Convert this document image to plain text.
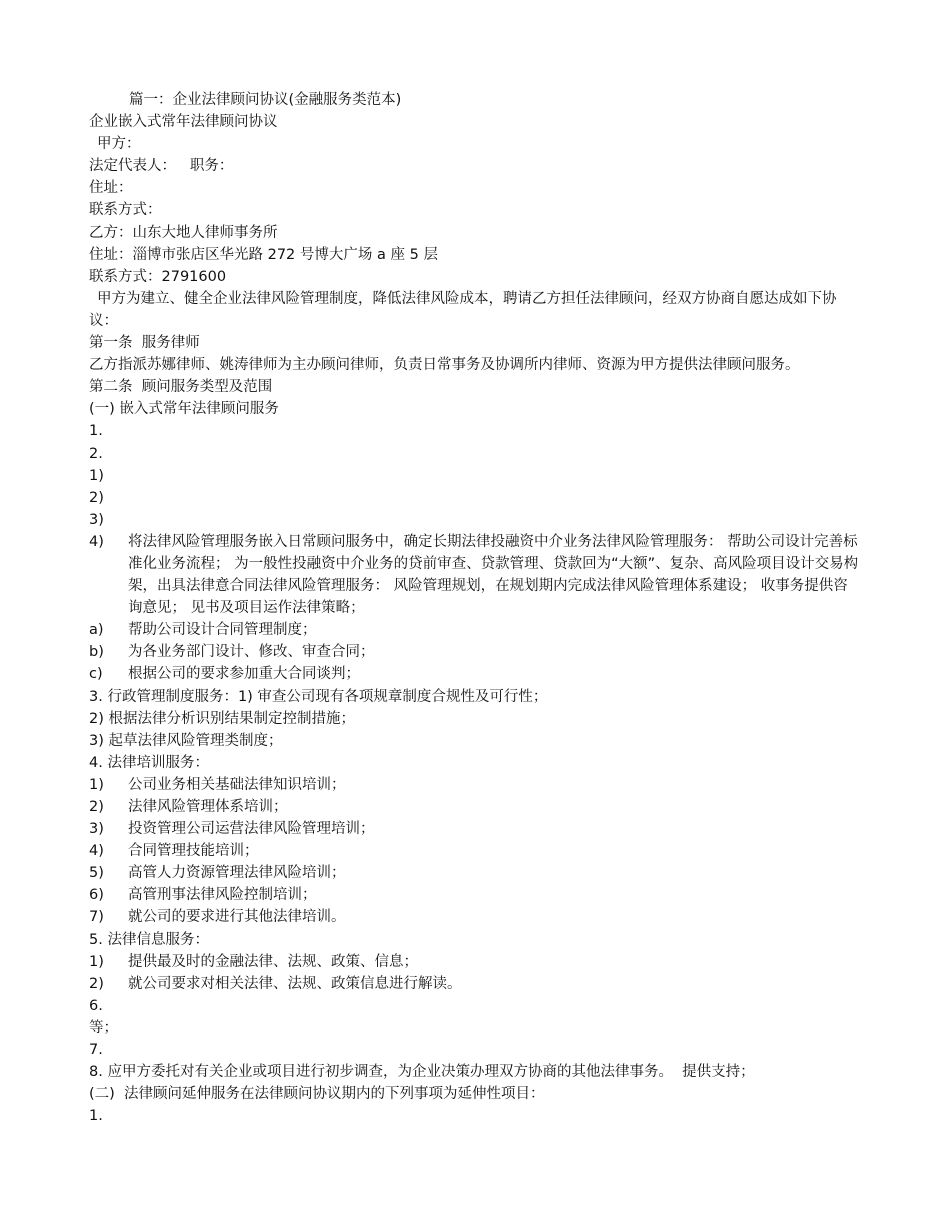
篇一：企业法律顾问协议(金融服务类范本)
企业嵌入式常年法律顾问协议
甲方：
法定代表人：   职务：
住址：
联系方式：
乙方：山东大地人律师事务所
住址：淄博市张店区华光路 272 号博大广场 a 座 5 层
联系方式：2791600
甲方为建立、健全企业法律风险管理制度，降低法律风险成本，聘请乙方担任法律顾问，经双方协商自愿达成如下协议：
第一条  服务律师
乙方指派苏娜律师、姚涛律师为主办顾问律师，负责日常事务及协调所内律师、资源为甲方提供法律顾问服务。
第二条  顾问服务类型及范围
(一) 嵌入式常年法律顾问服务
1.
2.
1)
2)
3)
4)	将法律风险管理服务嵌入日常顾问服务中，确定长期法律投融资中介业务法律风险管理服务： 帮助公司设计完善标准化业务流程； 为一般性投融资中介业务的贷前审查、贷款管理、贷款回为“大额”、复杂、高风险项目设计交易构架，出具法律意合同法律风险管理服务： 风险管理规划，在规划期内完成法律风险管理体系建设； 收事务提供咨询意见； 见书及项目运作法律策略；
a)	帮助公司设计合同管理制度；
b)	为各业务部门设计、修改、审查合同；
c)	根据公司的要求参加重大合同谈判；
3. 行政管理制度服务：1) 审查公司现有各项规章制度合规性及可行性；
2) 根据法律分析识别结果制定控制措施；
3) 起草法律风险管理类制度；
4. 法律培训服务：
1)	公司业务相关基础法律知识培训；
2)	法律风险管理体系培训；
3)	投资管理公司运营法律风险管理培训；
4)	合同管理技能培训；
5)	高管人力资源管理法律风险培训；
6)	高管刑事法律风险控制培训；
7)	就公司的要求进行其他法律培训。
5. 法律信息服务：
1)	提供最及时的金融法律、法规、政策、信息；
2)	就公司要求对相关法律、法规、政策信息进行解读。
6.
等；
7.
8. 应甲方委托对有关企业或项目进行初步调查，为企业决策办理双方协商的其他法律事务。  提供支持；
(二)  法律顾问延伸服务在法律顾问协议期内的下列事项为延伸性项目：
1.
